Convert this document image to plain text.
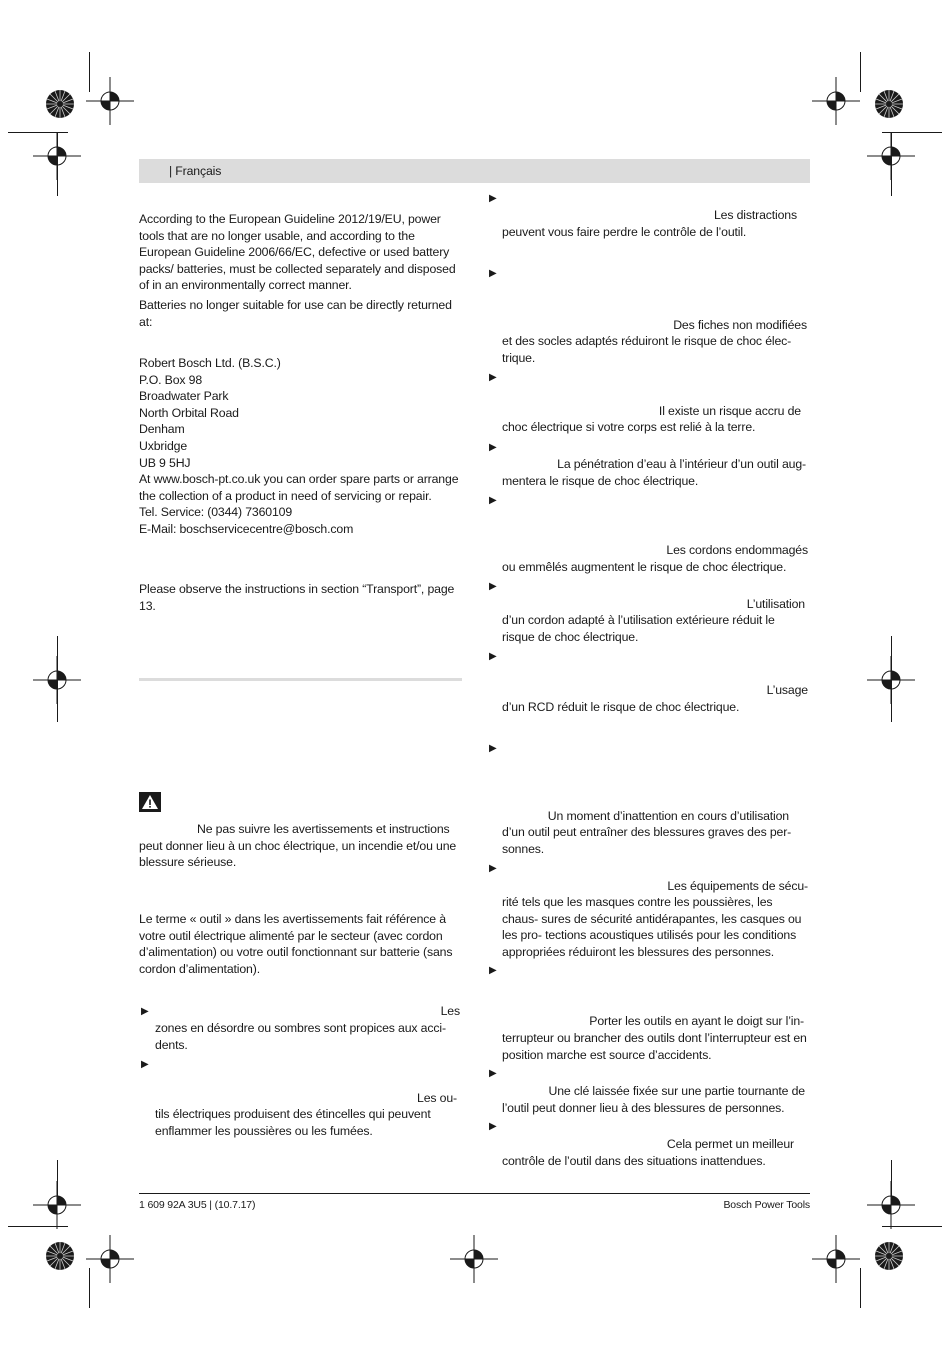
| Français

According to the European Guideline 2012/19/EU, power tools that are no longer usable, and according to the European Guideline 2006/66/EC, defective or used battery packs/ batteries, must be collected separately and disposed of in an environmentally correct manner.

Batteries no longer suitable for use can be directly returned at:

Robert Bosch Ltd. (B.S.C.)
P.O. Box 98
Broadwater Park
North Orbital Road
Denham
Uxbridge
UB 9 5HJ
At www.bosch-pt.co.uk you can order spare parts or arrange the collection of a product in need of servicing or repair.
Tel. Service: (0344) 7360109
E-Mail: boschservicecentre@bosch.com

Please observe the instructions in section “Transport”, page 13.

Ne pas suivre les avertissements et instructions peut donner lieu à un choc électrique, un incendie et/ou une blessure sérieuse.

Le terme « outil » dans les avertissements fait référence à votre outil électrique alimenté par le secteur (avec cordon d’alimentation) ou votre outil fonctionnant sur batterie (sans cordon d’alimentation).

▶	Les
zones en désordre ou sombres sont propices aux acci- dents.
▶
Les ou-
tils électriques produisent des étincelles qui peuvent enflammer les poussières ou les fumées.
▶
Les distractions
peuvent vous faire perdre le contrôle de l’outil.
▶
Des fiches non modifiées
et des socles adaptés réduiront le risque de choc élec- trique.
▶
Il existe un risque accru de
choc électrique si votre corps est relié à la terre.
▶
La pénétration d’eau à l’intérieur d’un outil aug-
mentera le risque de choc électrique.
▶
Les cordons endommagés
ou emmêlés augmentent le risque de choc électrique.
▶
L’utilisation
d’un cordon adapté à l’utilisation extérieure réduit le risque de choc électrique.
▶
L’usage
d’un RCD réduit le risque de choc électrique.
▶
Un moment d’inattention en cours d’utilisation
d’un outil peut entraîner des blessures graves des per- sonnes.
▶
Les équipements de sécu-
rité tels que les masques contre les poussières, les chaus- sures de sécurité antidérapantes, les casques ou les pro- tections acoustiques utilisés pour les conditions appropriées réduiront les blessures des personnes.
▶
Porter les outils en ayant le doigt sur l’in-
terrupteur ou brancher des outils dont l’interrupteur est en position marche est source d’accidents.
▶
Une clé laissée fixée sur une partie tournante de
l’outil peut donner lieu à des blessures de personnes.
▶
Cela permet un meilleur
contrôle de l’outil dans des situations inattendues.
1 609 92A 3U5 | (10.7.17)	Bosch Power Tools
